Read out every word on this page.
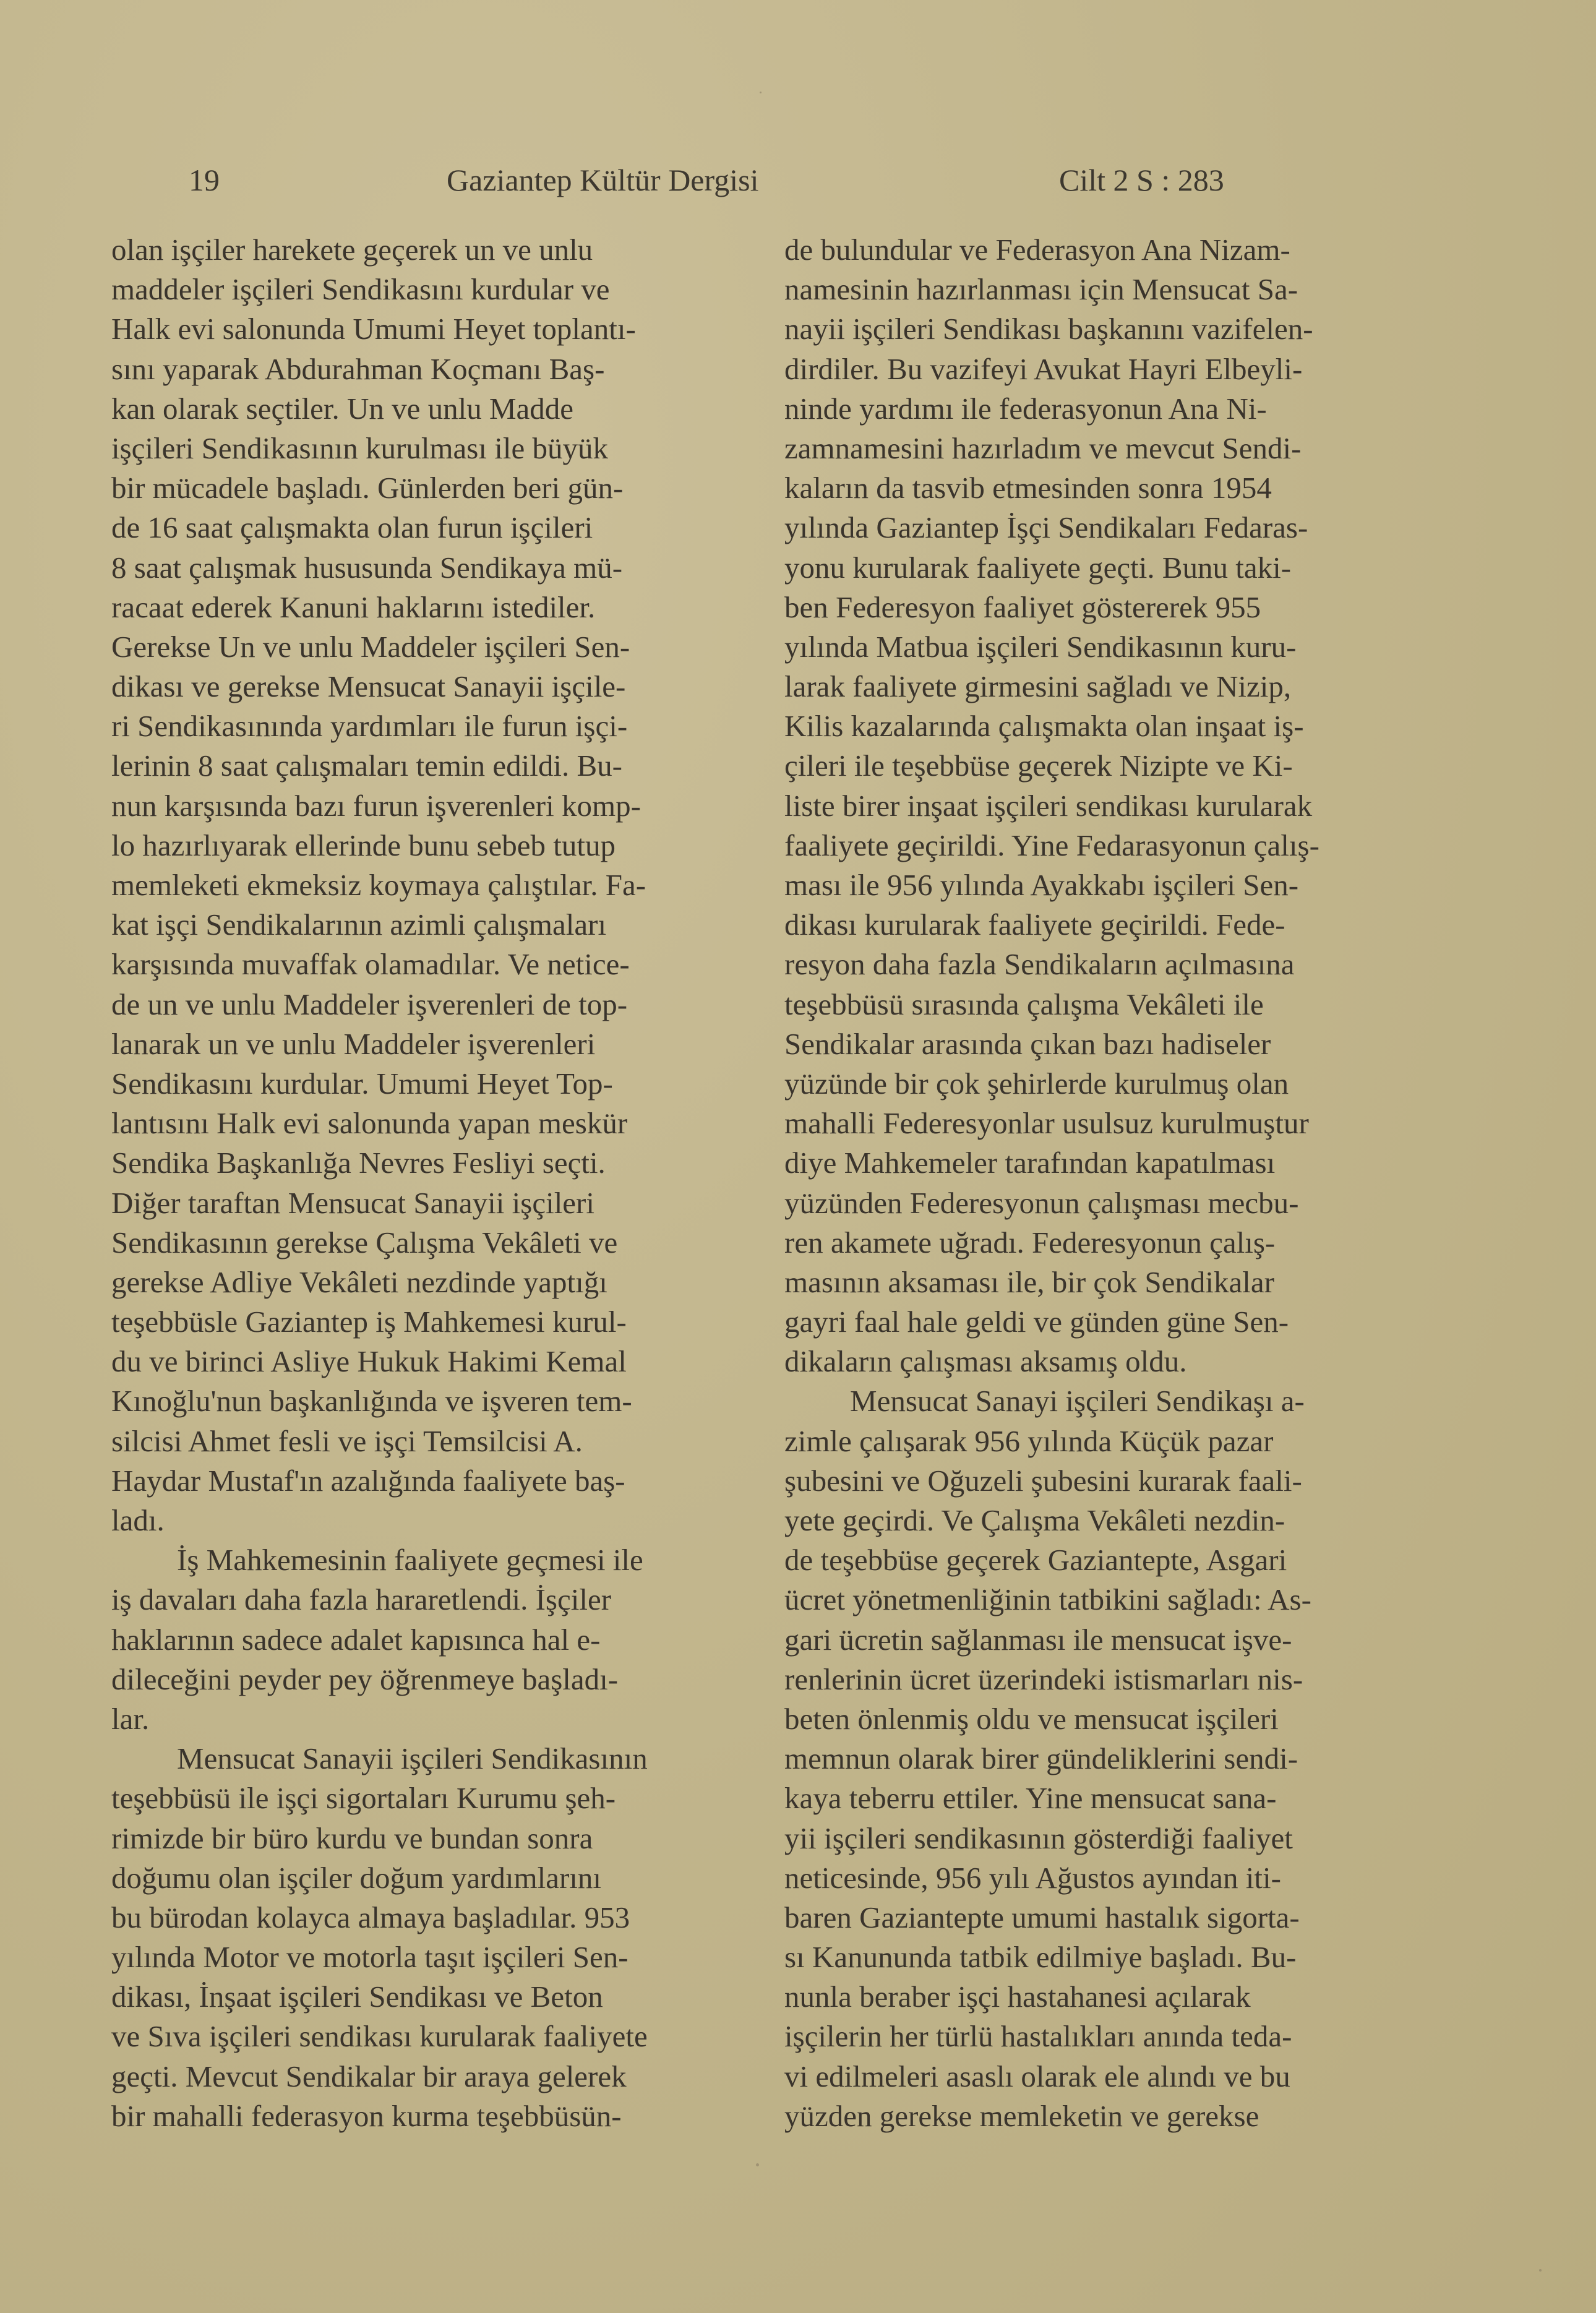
19	Gaziantep Kültür Dergisi	Cilt 2 S : 283
olan işçiler harekete geçerek un ve unlu
maddeler işçileri Sendikasını kurdular ve
Halk evi salonunda Umumi Heyet toplantı-
sını yaparak Abdurahman Koçmanı Baş-
kan olarak seçtiler. Un ve unlu Madde
işçileri Sendikasının kurulması ile büyük
bir mücadele başladı. Günlerden beri gün-
de 16 saat çalışmakta olan furun işçileri
8 saat çalışmak hususunda Sendikaya mü-
racaat ederek Kanuni haklarını istediler.
Gerekse Un ve unlu Maddeler işçileri Sen-
dikası ve gerekse Mensucat Sanayii işçile-
ri Sendikasınında yardımları ile furun işçi-
lerinin 8 saat çalışmaları temin edildi. Bu-
nun karşısında bazı furun işverenleri komp-
lo hazırlıyarak ellerinde bunu sebeb tutup
memleketi ekmeksiz koymaya çalıştılar. Fa-
kat işçi Sendikalarının azimli çalışmaları
karşısında muvaffak olamadılar. Ve netice-
de un ve unlu Maddeler işverenleri de top-
lanarak un ve unlu Maddeler işverenleri
Sendikasını kurdular. Umumi Heyet Top-
lantısını Halk evi salonunda yapan meskür
Sendika Başkanlığa Nevres Fesliyi seçti.
Diğer taraftan Mensucat Sanayii işçileri
Sendikasının gerekse Çalışma Vekâleti ve
gerekse Adliye Vekâleti nezdinde yaptığı
teşebbüsle Gaziantep iş Mahkemesi kurul-
du ve birinci Asliye Hukuk Hakimi Kemal
Kınoğlu'nun başkanlığında ve işveren tem-
silcisi Ahmet fesli ve işçi Temsilcisi A.
Haydar Mustaf'ın azalığında faaliyete baş-
ladı.
İş Mahkemesinin faaliyete geçmesi ile
iş davaları daha fazla hararetlendi. İşçiler
haklarının sadece adalet kapısınca hal e-
dileceğini peyder pey öğrenmeye başladı-
lar.
Mensucat Sanayii işçileri Sendikasının
teşebbüsü ile işçi sigortaları Kurumu şeh-
rimizde bir büro kurdu ve bundan sonra
doğumu olan işçiler doğum yardımlarını
bu bürodan kolayca almaya başladılar. 953
yılında Motor ve motorla taşıt işçileri Sen-
dikası, İnşaat işçileri Sendikası ve Beton
ve Sıva işçileri sendikası kurularak faaliyete
geçti. Mevcut Sendikalar bir araya gelerek
bir mahalli federasyon kurma teşebbüsün-
de bulundular ve Federasyon Ana Nizam-
namesinin hazırlanması için Mensucat Sa-
nayii işçileri Sendikası başkanını vazifelen-
dirdiler. Bu vazifeyi Avukat Hayri Elbeyli-
ninde yardımı ile federasyonun Ana Ni-
zamnamesini hazırladım ve mevcut Sendi-
kaların da tasvib etmesinden sonra 1954
yılında Gaziantep İşçi Sendikaları Fedaras-
yonu kurularak faaliyete geçti. Bunu taki-
ben Federesyon faaliyet göstererek 955
yılında Matbua işçileri Sendikasının kuru-
larak faaliyete girmesini sağladı ve Nizip,
Kilis kazalarında çalışmakta olan inşaat iş-
çileri ile teşebbüse geçerek Nizipte ve Ki-
liste birer inşaat işçileri sendikası kurularak
faaliyete geçirildi. Yine Fedarasyonun çalış-
ması ile 956 yılında Ayakkabı işçileri Sen-
dikası kurularak faaliyete geçirildi. Fede-
resyon daha fazla Sendikaların açılmasına
teşebbüsü sırasında çalışma Vekâleti ile
Sendikalar arasında çıkan bazı hadiseler
yüzünde bir çok şehirlerde kurulmuş olan
mahalli Federesyonlar usulsuz kurulmuştur
diye Mahkemeler tarafından kapatılması
yüzünden Federesyonun çalışması mecbu-
ren akamete uğradı. Federesyonun çalış-
masının aksaması ile, bir çok Sendikalar
gayri faal hale geldi ve günden güne Sen-
dikaların çalışması aksamış oldu.
Mensucat Sanayi işçileri Sendikaşı a-
zimle çalışarak 956 yılında Küçük pazar
şubesini ve Oğuzeli şubesini kurarak faali-
yete geçirdi. Ve Çalışma Vekâleti nezdin-
de teşebbüse geçerek Gaziantepte, Asgari
ücret yönetmenliğinin tatbikini sağladı: As-
gari ücretin sağlanması ile mensucat işve-
renlerinin ücret üzerindeki istismarları nis-
beten önlenmiş oldu ve mensucat işçileri
memnun olarak birer gündeliklerini sendi-
kaya teberru ettiler. Yine mensucat sana-
yii işçileri sendikasının gösterdiği faaliyet
neticesinde, 956 yılı Ağustos ayından iti-
baren Gaziantepte umumi hastalık sigorta-
sı Kanununda tatbik edilmiye başladı. Bu-
nunla beraber işçi hastahanesi açılarak
işçilerin her türlü hastalıkları anında teda-
vi edilmeleri asaslı olarak ele alındı ve bu
yüzden gerekse memleketin ve gerekse
